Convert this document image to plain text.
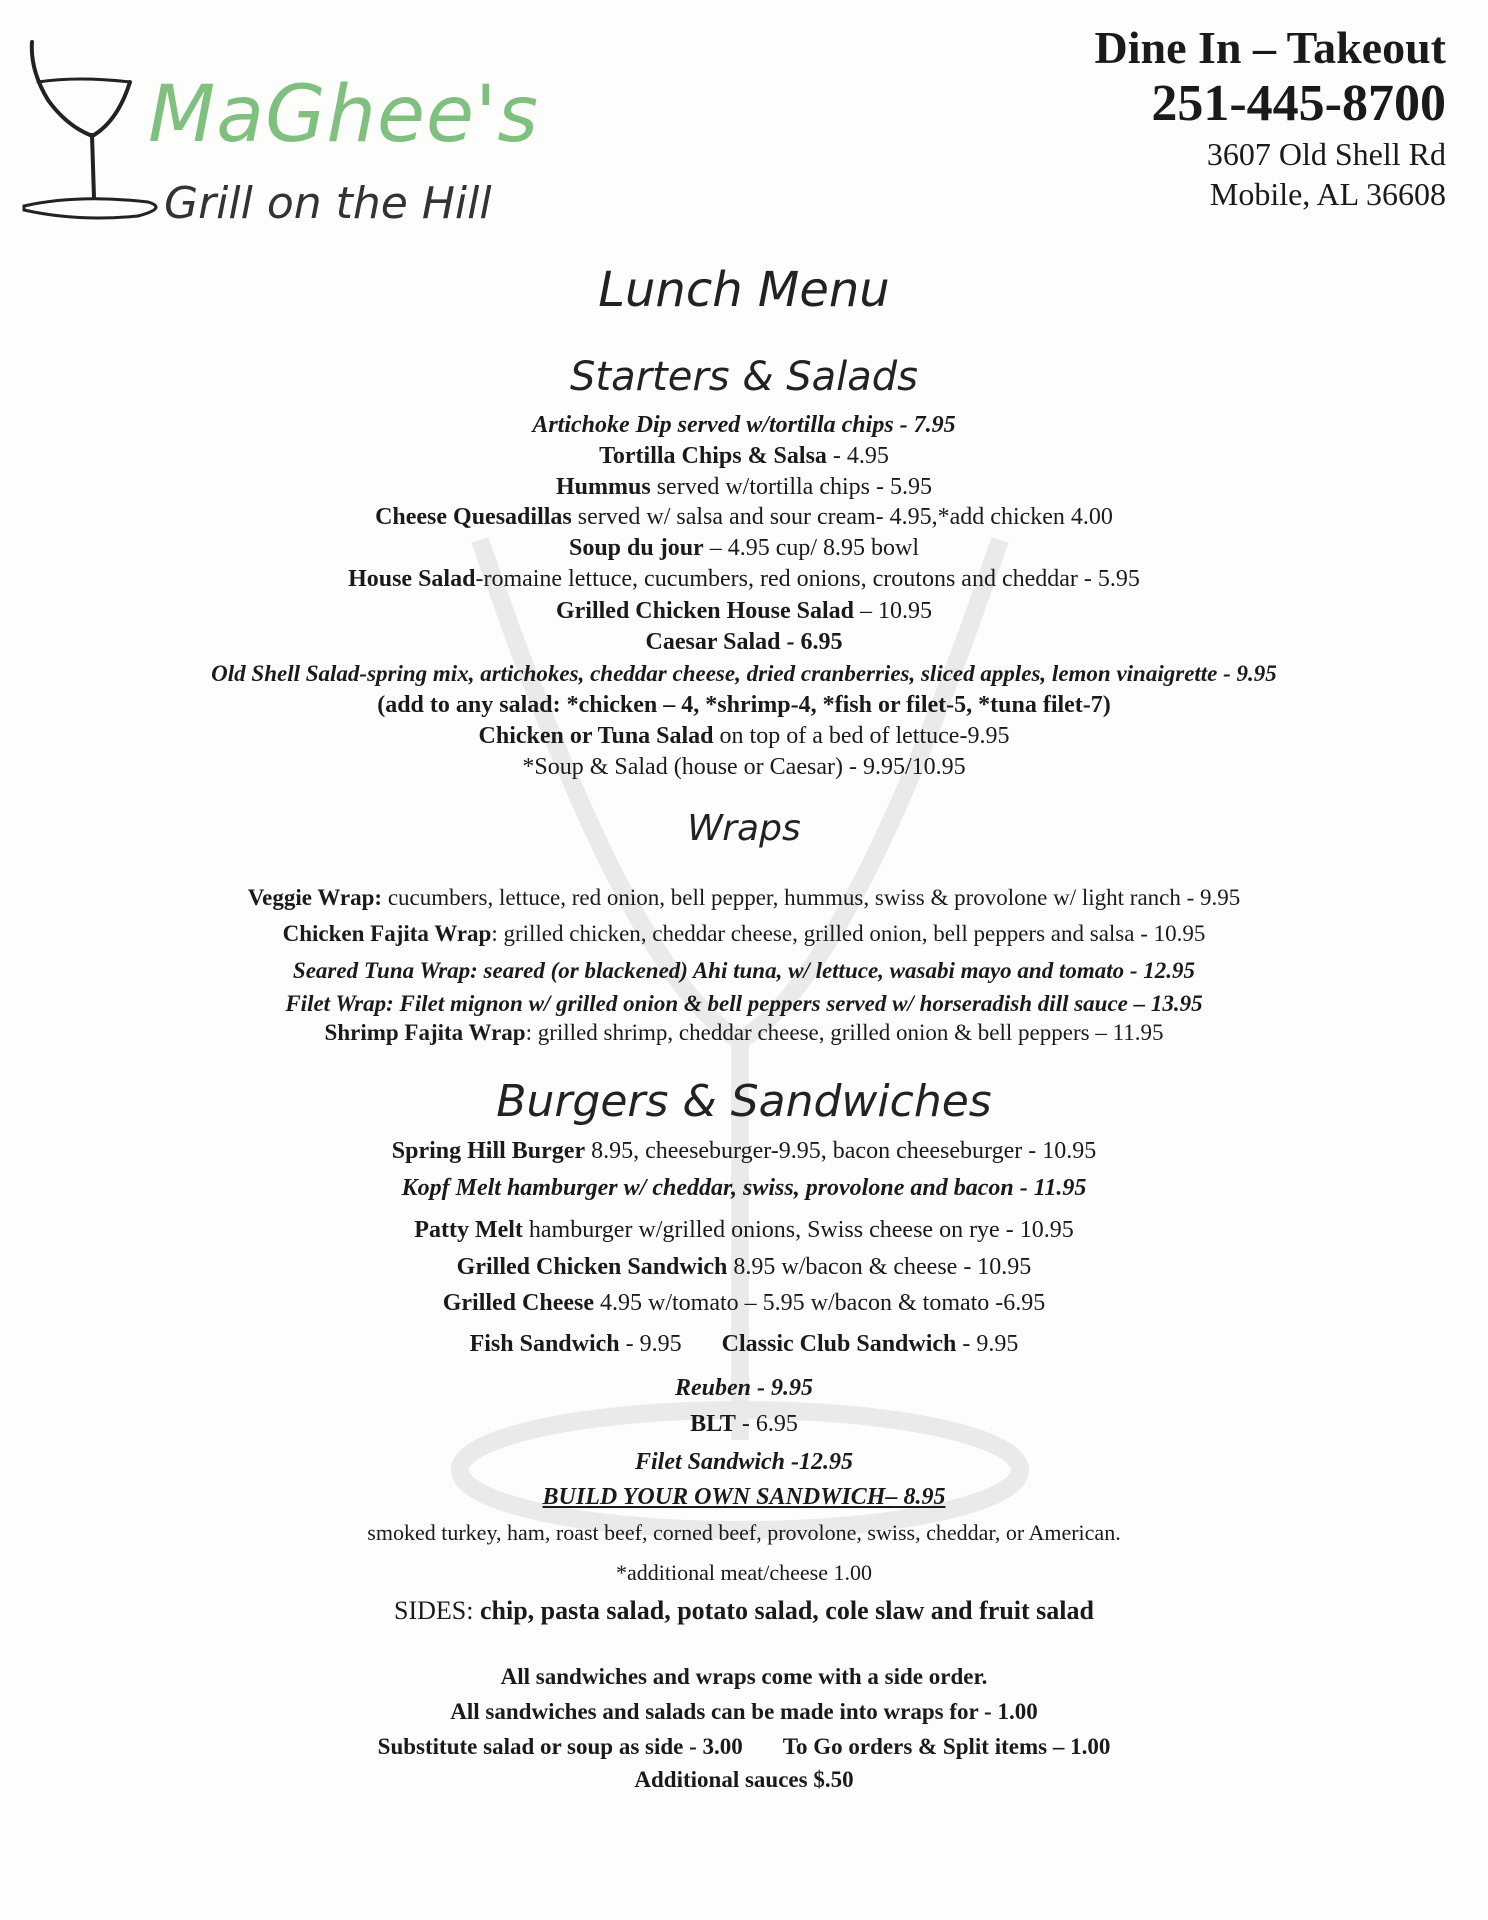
MaGhee's
Grill on the Hill
Dine In – Takeout
251-445-8700
3607 Old Shell Rd
Mobile, AL 36608
Lunch Menu
Starters & Salads
Artichoke Dip served w/tortilla chips - 7.95
Tortilla Chips & Salsa - 4.95
Hummus served w/tortilla chips - 5.95
Cheese Quesadillas served w/ salsa and sour cream- 4.95,*add chicken 4.00
Soup du jour – 4.95 cup/ 8.95 bowl
House Salad-romaine lettuce, cucumbers, red onions, croutons and cheddar - 5.95
Grilled Chicken House Salad – 10.95
Caesar Salad - 6.95
Old Shell Salad-spring mix, artichokes, cheddar cheese, dried cranberries, sliced apples, lemon vinaigrette - 9.95
(add to any salad: *chicken – 4, *shrimp-4, *fish or filet-5, *tuna filet-7)
Chicken or Tuna Salad on top of a bed of lettuce-9.95
*Soup & Salad (house or Caesar) - 9.95/10.95
Wraps
Veggie Wrap: cucumbers, lettuce, red onion, bell pepper, hummus, swiss & provolone w/ light ranch - 9.95
Chicken Fajita Wrap: grilled chicken, cheddar cheese, grilled onion, bell peppers and salsa - 10.95
Seared Tuna Wrap: seared (or blackened) Ahi tuna, w/ lettuce, wasabi mayo and tomato - 12.95
Filet Wrap: Filet mignon w/ grilled onion & bell peppers served w/ horseradish dill sauce – 13.95
Shrimp Fajita Wrap: grilled shrimp, cheddar cheese, grilled onion & bell peppers – 11.95
Burgers & Sandwiches
Spring Hill Burger 8.95, cheeseburger-9.95, bacon cheeseburger - 10.95
Kopf Melt hamburger w/ cheddar, swiss, provolone and bacon - 11.95
Patty Melt hamburger w/grilled onions, Swiss cheese on rye - 10.95
Grilled Chicken Sandwich 8.95 w/bacon & cheese - 10.95
Grilled Cheese 4.95 w/tomato – 5.95 w/bacon & tomato -6.95
Fish Sandwich - 9.95 Classic Club Sandwich - 9.95
Reuben - 9.95
BLT - 6.95
Filet Sandwich -12.95
BUILD YOUR OWN SANDWICH– 8.95
smoked turkey, ham, roast beef, corned beef, provolone, swiss, cheddar, or American.
*additional meat/cheese 1.00
SIDES: chip, pasta salad, potato salad, cole slaw and fruit salad
All sandwiches and wraps come with a side order.
All sandwiches and salads can be made into wraps for - 1.00
Substitute salad or soup as side - 3.00 To Go orders & Split items – 1.00
Additional sauces $.50
